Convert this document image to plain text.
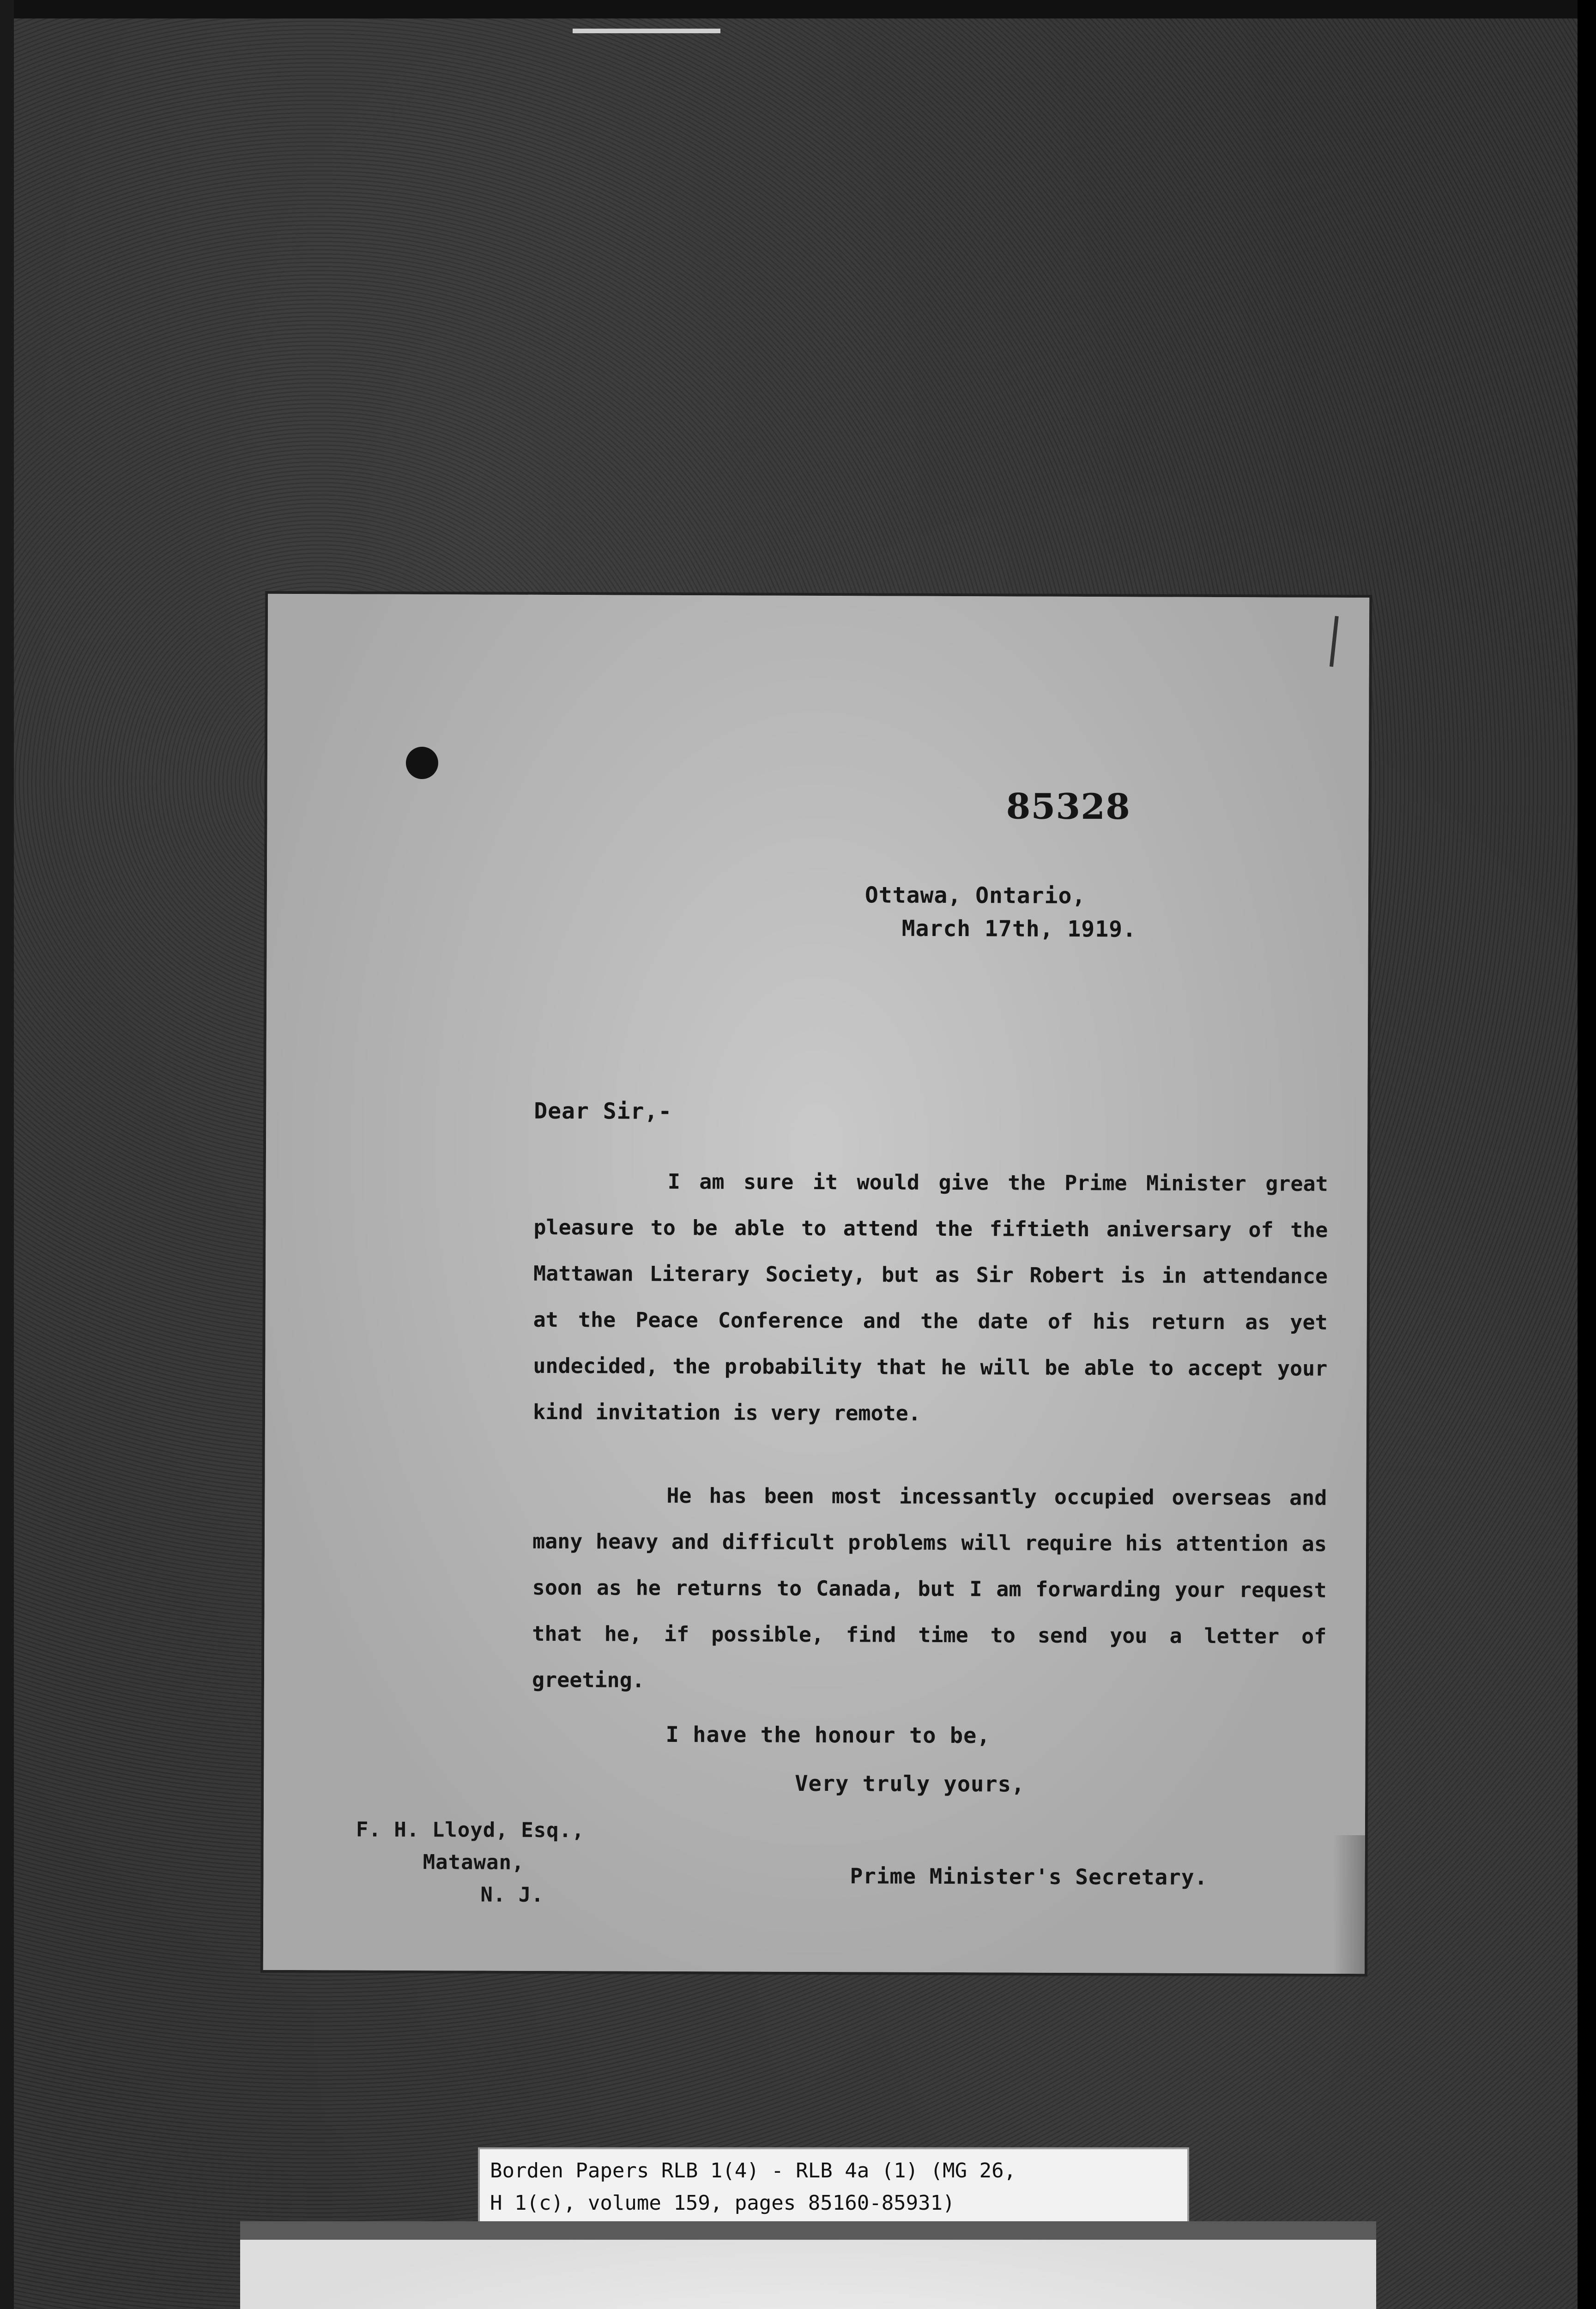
85328
Ottawa, Ontario,
March 17th, 1919.
Dear Sir,-
I am sure it would give the Prime Minister great pleasure to be able to attend the fiftieth aniversary of the Mattawan Literary Society, but as Sir Robert is in attendance at the Peace Conference and the date of his return as yet undecided, the probability that he will be able to accept your kind invitation is very remote.
He has been most incessantly occupied overseas and many heavy and difficult problems will require his attention as soon as he returns to Canada, but I am forwarding your request that he, if possible, find time to send you a letter of greeting.
I have the honour to be,
Very truly yours,
F. H. Lloyd, Esq.,
Matawan,
N. J.
Prime Minister's Secretary.
Borden Papers RLB 1(4) - RLB 4a (1) (MG 26,
H 1(c), volume 159, pages 85160-85931)
